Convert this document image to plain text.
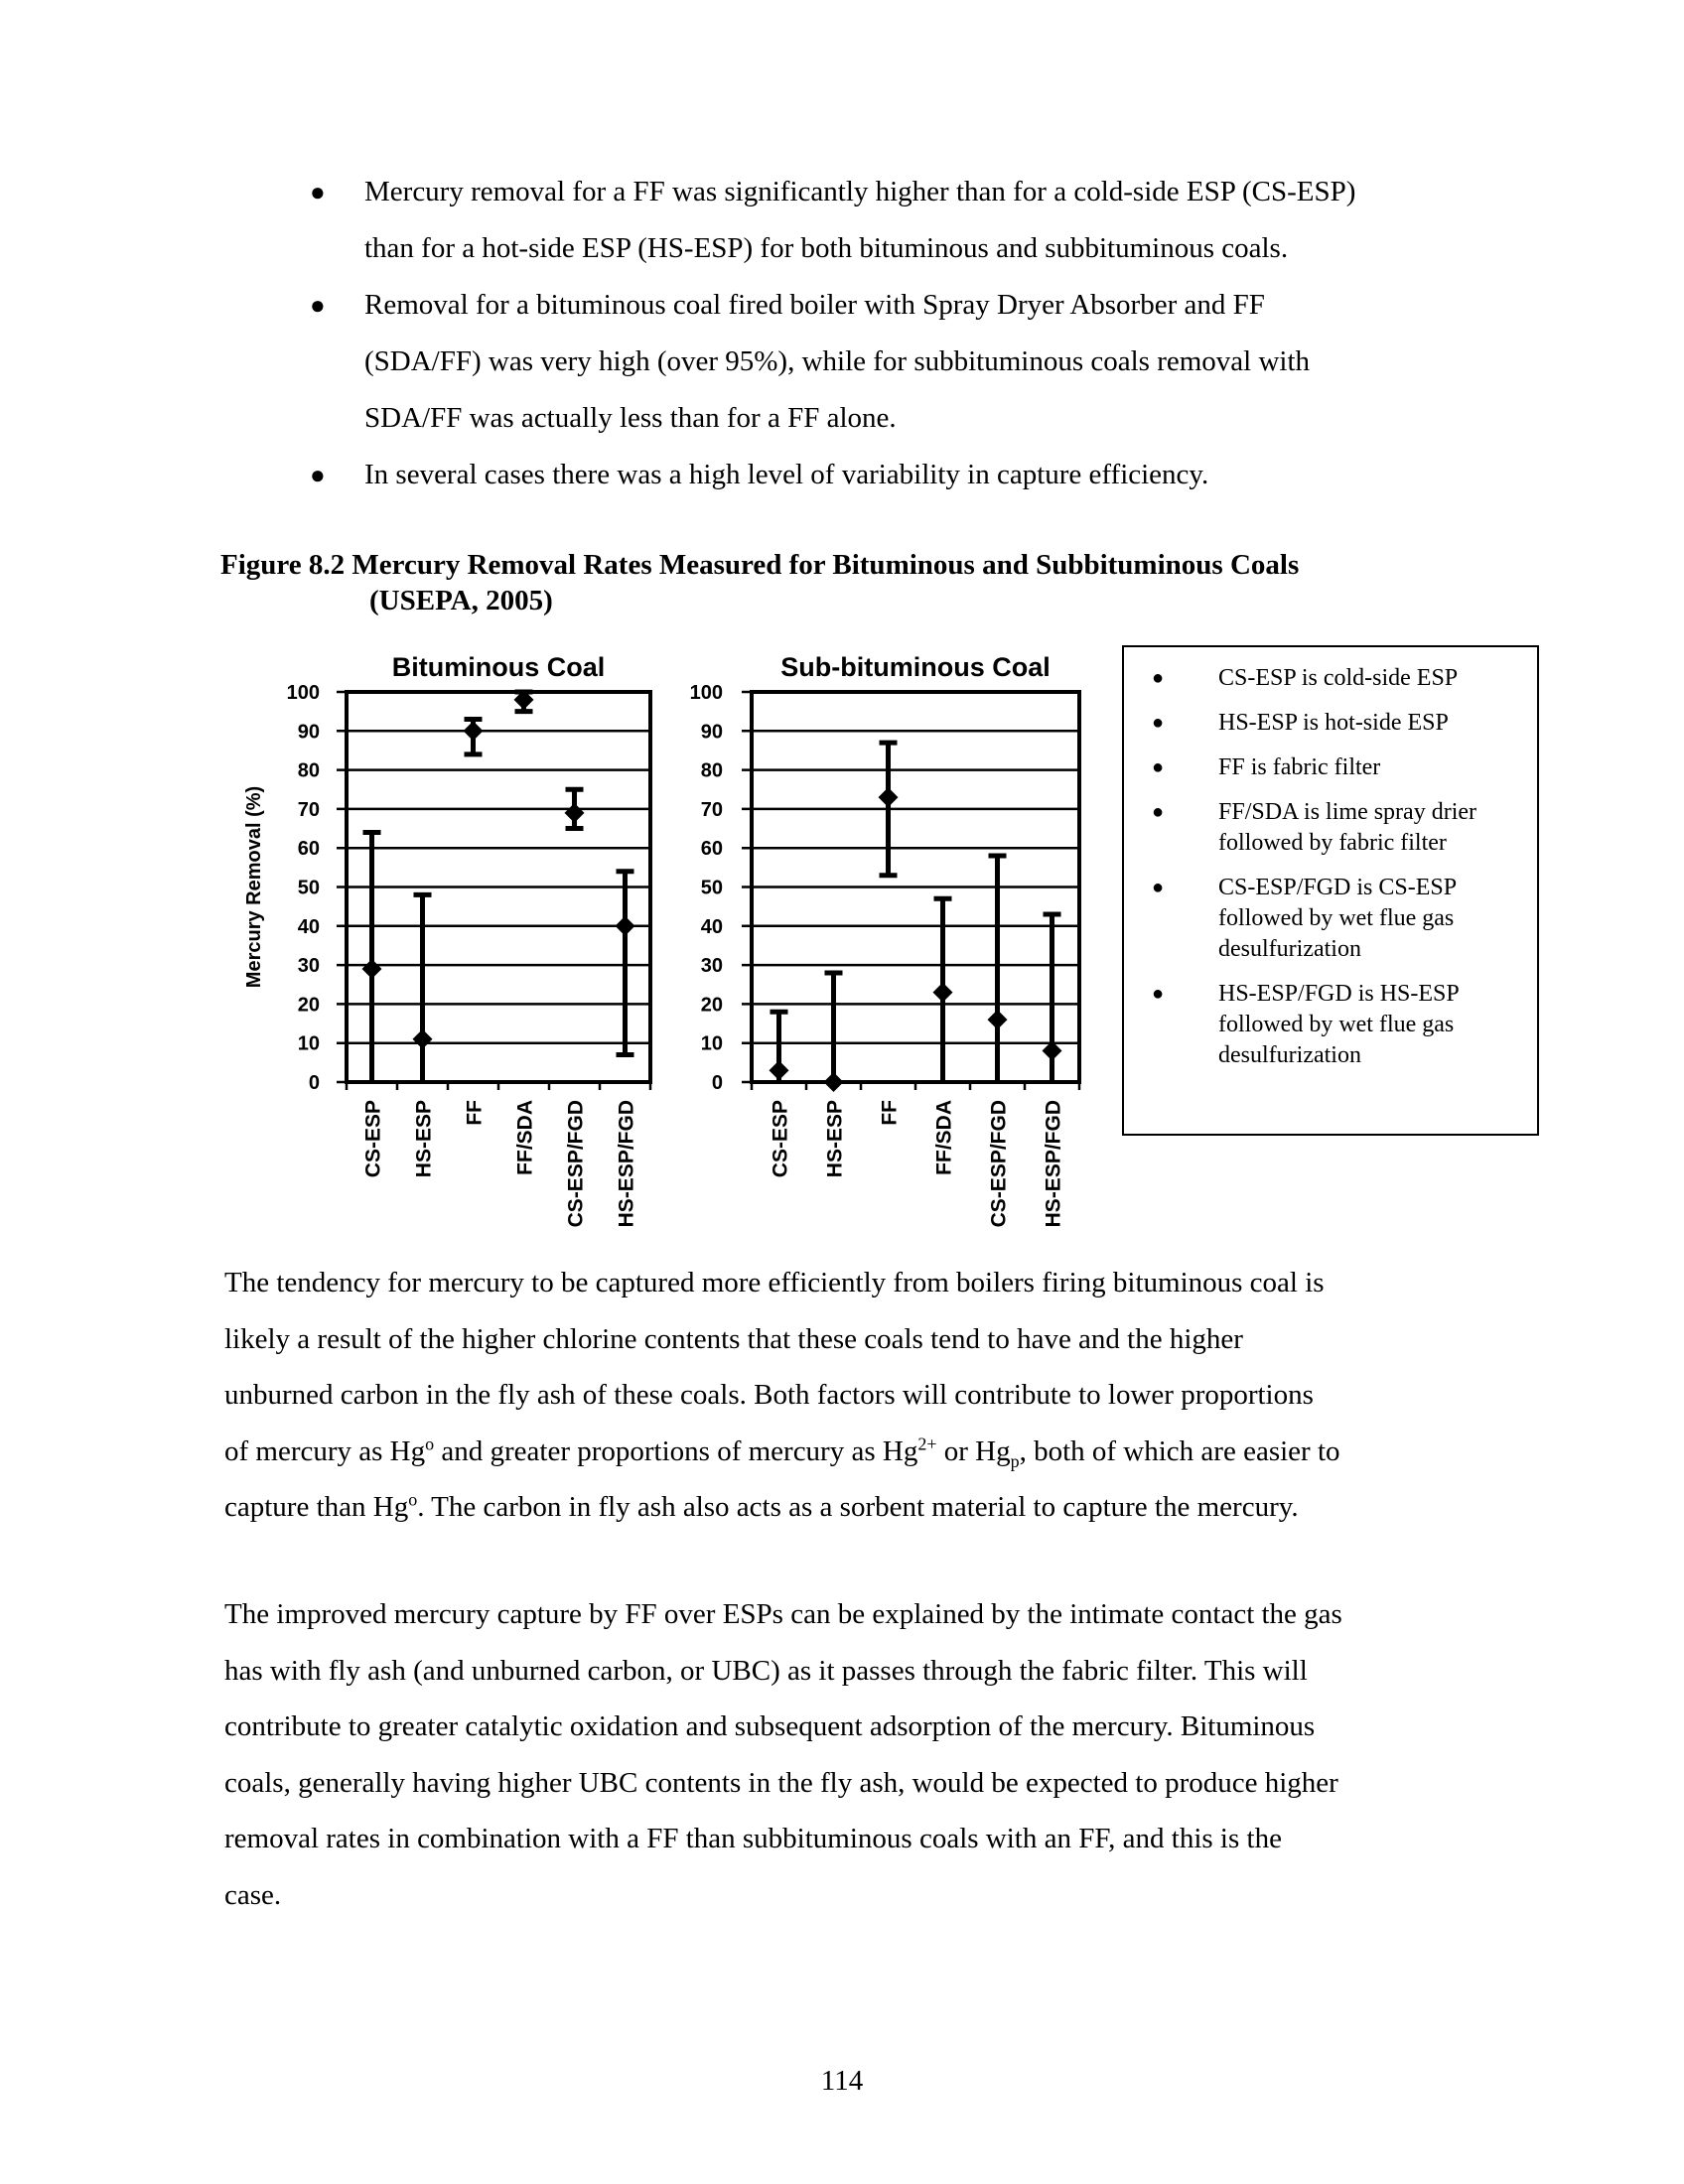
● Mercury removal for a FF was significantly higher than for a cold-side ESP (CS-ESP)
than for a hot-side ESP (HS-ESP) for both bituminous and subbituminous coals.
● Removal for a bituminous coal fired boiler with Spray Dryer Absorber and FF
(SDA/FF) was very high (over 95%), while for subbituminous coals removal with
SDA/FF was actually less than for a FF alone.
● In several cases there was a high level of variability in capture efficiency.
Figure 8.2 Mercury Removal Rates Measured for Bituminous and Subbituminous Coals
(USEPA, 2005)
Bituminous Coal
0
10
20
30
40
50
60
70
80
90
100
CS-ESP HS-ESP FF FF/SDA CS-ESP/FGD HS-ESP/FGD
Mercury Removal (%)
Sub-bituminous Coal
0
10
20
30
40
50
60
70
80
90
100
CS-ESP HS-ESP FF FF/SDA CS-ESP/FGD HS-ESP/FGD
● CS-ESP is cold-side ESP
● HS-ESP is hot-side ESP
● FF is fabric filter
● FF/SDA is lime spray drier
followed by fabric filter
● CS-ESP/FGD is CS-ESP
followed by wet flue gas
desulfurization
● HS-ESP/FGD is HS-ESP
followed by wet flue gas
desulfurization

The tendency for mercury to be captured more efficiently from boilers firing bituminous coal is
likely a result of the higher chlorine contents that these coals tend to have and the higher
unburned carbon in the fly ash of these coals. Both factors will contribute to lower proportions
of mercury as Hg$^o$ and greater proportions of mercury as $Hg^{2+}$ or $Hg_p$, both of which are easier to
capture than Hg$^o$. The carbon in fly ash also acts as a sorbent material to capture the mercury.

The improved mercury capture by FF over ESPs can be explained by the intimate contact the gas
has with fly ash (and unburned carbon, or UBC) as it passes through the fabric filter. This will
contribute to greater catalytic oxidation and subsequent adsorption of the mercury. Bituminous
coals, generally having higher UBC contents in the fly ash, would be expected to produce higher
removal rates in combination with a FF than subbituminous coals with an FF, and this is the
case.

114
